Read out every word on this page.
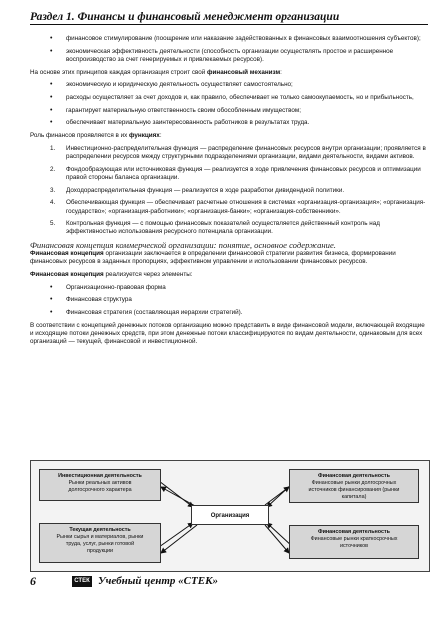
Раздел 1. Финансы и финансовый менеджмент организации
• финансовое стимулирование (поощрение или наказание задействованных в финансовых взаимоотношения субъектов);
• экономическая эффективность деятельности (способность организации осуществлять простое и расширенное воспроизводство за счет генерируемых и привлекаемых ресурсов).
На основе этих принципов каждая организация строит свой финансовый механизм:
• экономическую и юридическую деятельность осуществляет самостоятельно;
• расходы осуществляет за счет доходов и, как правило, обеспечивает не только самоокупаемость, но и прибыльность,
• гарантирует материальную ответственность своим обособленным имуществом;
• обеспечивает материальную заинтересованность работников в результатах труда.
Роль финансов проявляется в их функциях:
1. Инвестиционно-распределительная функция — распределение финансовых ресурсов внутри организации; проявляется в распределении ресурсов между структурными подразделениями организации, видами деятельности, видами активов.
2. Фондообразующая или источниковая функция — реализуется в ходе привлечения финансовых ресурсов и оптимизации правой стороны баланса организации.
3. Доходораспределительная функция — реализуется в ходе разработки дивидендной политики.
4. Обеспечивающая функция — обеспечивает расчетные отношения в системах «организация-организация»; «организация-государство»; «организация-работники»; «организация-банки»; «организация-собственники».
5. Контрольная функция — с помощью финансовых показателей осуществляется действенный контроль над эффективностью использования ресурсного потенциала организации.
Финансовая концепция коммерческой организации: понятие, основное содержание.
Финансовая концепция организации заключается в определении финансовой стратегии развития бизнеса, формировании финансовых ресурсов в заданных пропорциях, эффективном управлении и использовании финансовых ресурсов.
Финансовая концепция реализуется через элементы:
• Организационно-правовая форма
• Финансовая структура
• Финансовая стратегия (составляющая иерархии стратегий).
В соответствии с концепцией денежных потоков организацию можно представить в виде финансовой модели, включающей входящие и исходящие потоки денежных средств, при этом денежные потоки классифицируются по видам деятельности, одинаковым для всех организаций — текущей, финансовой и инвестиционной.
Инвестиционная деятельность
Рынки реальных активов долгосрочного характера
Текущая деятельность
Рынки сырья и материалов, рынки труда, услуг, рынки готовой продукции
Организация
Финансовая деятельность
Финансовые рынки долгосрочных источников финансирования (рынки капитала)
Финансовая деятельность
Финансовые рынки краткосрочных источников
6	СТЕК Учебный центр «СТЕК»
